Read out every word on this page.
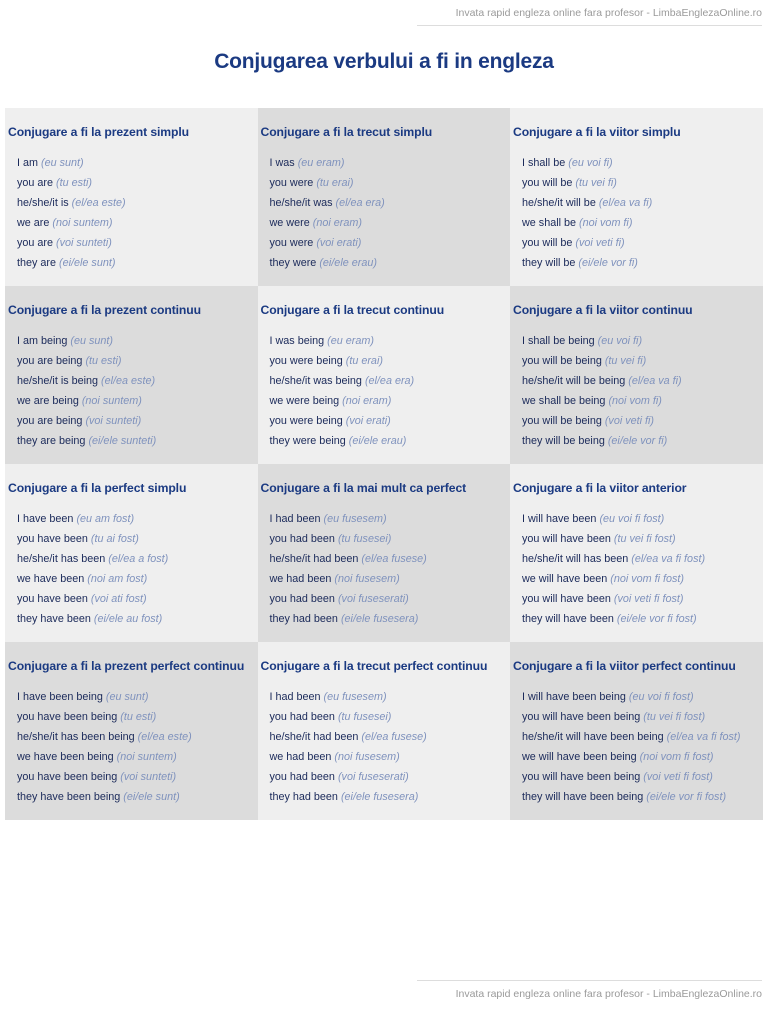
Invata rapid engleza online fara profesor - LimbaEnglezaOnline.ro
Conjugarea verbului a fi in engleza
Conjugare a fi la prezent simplu
I am (eu sunt)
you are (tu esti)
he/she/it is (el/ea este)
we are (noi suntem)
you are (voi sunteti)
they are (ei/ele sunt)
Conjugare a fi la trecut simplu
I was (eu eram)
you were (tu erai)
he/she/it was (el/ea era)
we were (noi eram)
you were (voi erati)
they were (ei/ele erau)
Conjugare a fi la viitor simplu
I shall be (eu voi fi)
you will be (tu vei fi)
he/she/it will be (el/ea va fi)
we shall be (noi vom fi)
you will be (voi veti fi)
they will be (ei/ele vor fi)
Conjugare a fi la prezent continuu
I am being (eu sunt)
you are being (tu esti)
he/she/it is being (el/ea este)
we are being (noi suntem)
you are being (voi sunteti)
they are being (ei/ele sunteti)
Conjugare a fi la trecut continuu
I was being (eu eram)
you were being (tu erai)
he/she/it was being (el/ea era)
we were being (noi eram)
you were being (voi erati)
they were being (ei/ele erau)
Conjugare a fi la viitor continuu
I shall be being (eu voi fi)
you will be being (tu vei fi)
he/she/it will be being (el/ea va fi)
we shall be being (noi vom fi)
you will be being (voi veti fi)
they will be being (ei/ele vor fi)
Conjugare a fi la perfect simplu
I have been (eu am fost)
you have been (tu ai fost)
he/she/it has been (el/ea a fost)
we have been (noi am fost)
you have been (voi ati fost)
they have been (ei/ele au fost)
Conjugare a fi la mai mult ca perfect
I had been (eu fusesem)
you had been (tu fusesei)
he/she/it had been (el/ea fusese)
we had been (noi fusesem)
you had been (voi fuseserati)
they had been (ei/ele fusesera)
Conjugare a fi la viitor anterior
I will have been (eu voi fi fost)
you will have been (tu vei fi fost)
he/she/it will has been (el/ea va fi fost)
we will have been (noi vom fi fost)
you will have been (voi veti fi fost)
they will have been (ei/ele vor fi fost)
Conjugare a fi la prezent perfect continuu
I have been being (eu sunt)
you have been being (tu esti)
he/she/it has been being (el/ea este)
we have been being (noi suntem)
you have been being (voi sunteti)
they have been being (ei/ele sunt)
Conjugare a fi la trecut perfect continuu
I had been (eu fusesem)
you had been (tu fusesei)
he/she/it had been (el/ea fusese)
we had been (noi fusesem)
you had been (voi fuseserati)
they had been (ei/ele fusesera)
Conjugare a fi la viitor perfect continuu
I will have been being (eu voi fi fost)
you will have been being (tu vei fi fost)
he/she/it will have been being (el/ea va fi fost)
we will have been being (noi vom fi fost)
you will have been being (voi veti fi fost)
they will have been being (ei/ele vor fi fost)
Invata rapid engleza online fara profesor - LimbaEnglezaOnline.ro
